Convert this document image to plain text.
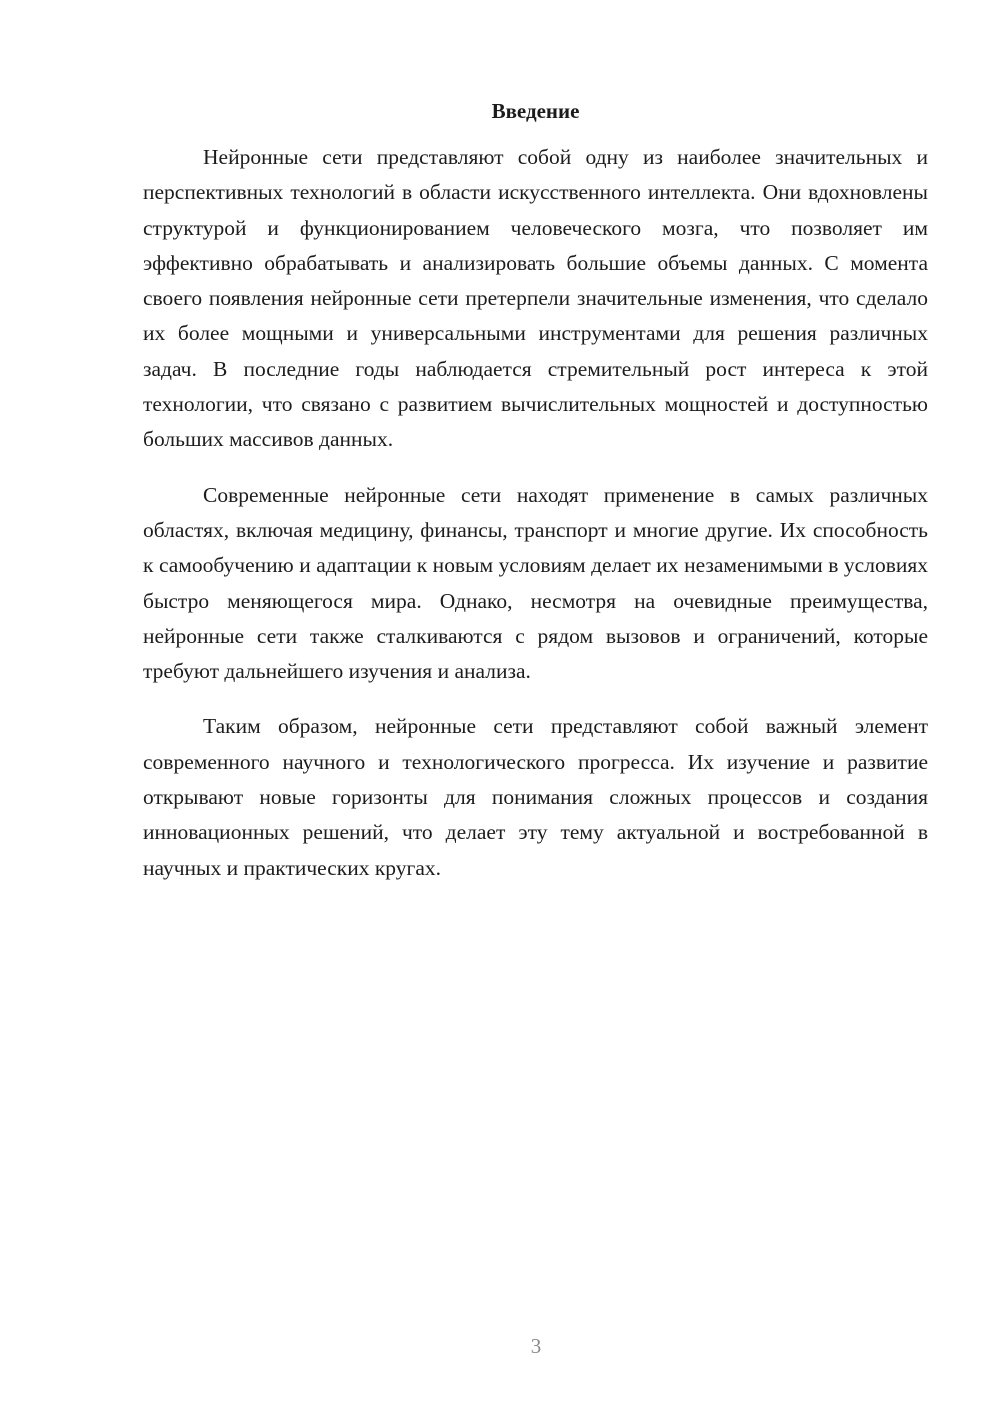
Введение

Нейронные сети представляют собой одну из наиболее значительных и перспективных технологий в области искусственного интеллекта. Они вдохновлены структурой и функционированием человеческого мозга, что позволяет им эффективно обрабатывать и анализировать большие объемы данных. С момента своего появления нейронные сети претерпели значительные изменения, что сделало их более мощными и универсальными инструментами для решения различных задач. В последние годы наблюдается стремительный рост интереса к этой технологии, что связано с развитием вычислительных мощностей и доступностью больших массивов данных.

Современные нейронные сети находят применение в самых различных областях, включая медицину, финансы, транспорт и многие другие. Их способность к самообучению и адаптации к новым условиям делает их незаменимыми в условиях быстро меняющегося мира. Однако, несмотря на очевидные преимущества, нейронные сети также сталкиваются с рядом вызовов и ограничений, которые требуют дальнейшего изучения и анализа.

Таким образом, нейронные сети представляют собой важный элемент современного научного и технологического прогресса. Их изучение и развитие открывают новые горизонты для понимания сложных процессов и создания инновационных решений, что делает эту тему актуальной и востребованной в научных и практических кругах.

3
